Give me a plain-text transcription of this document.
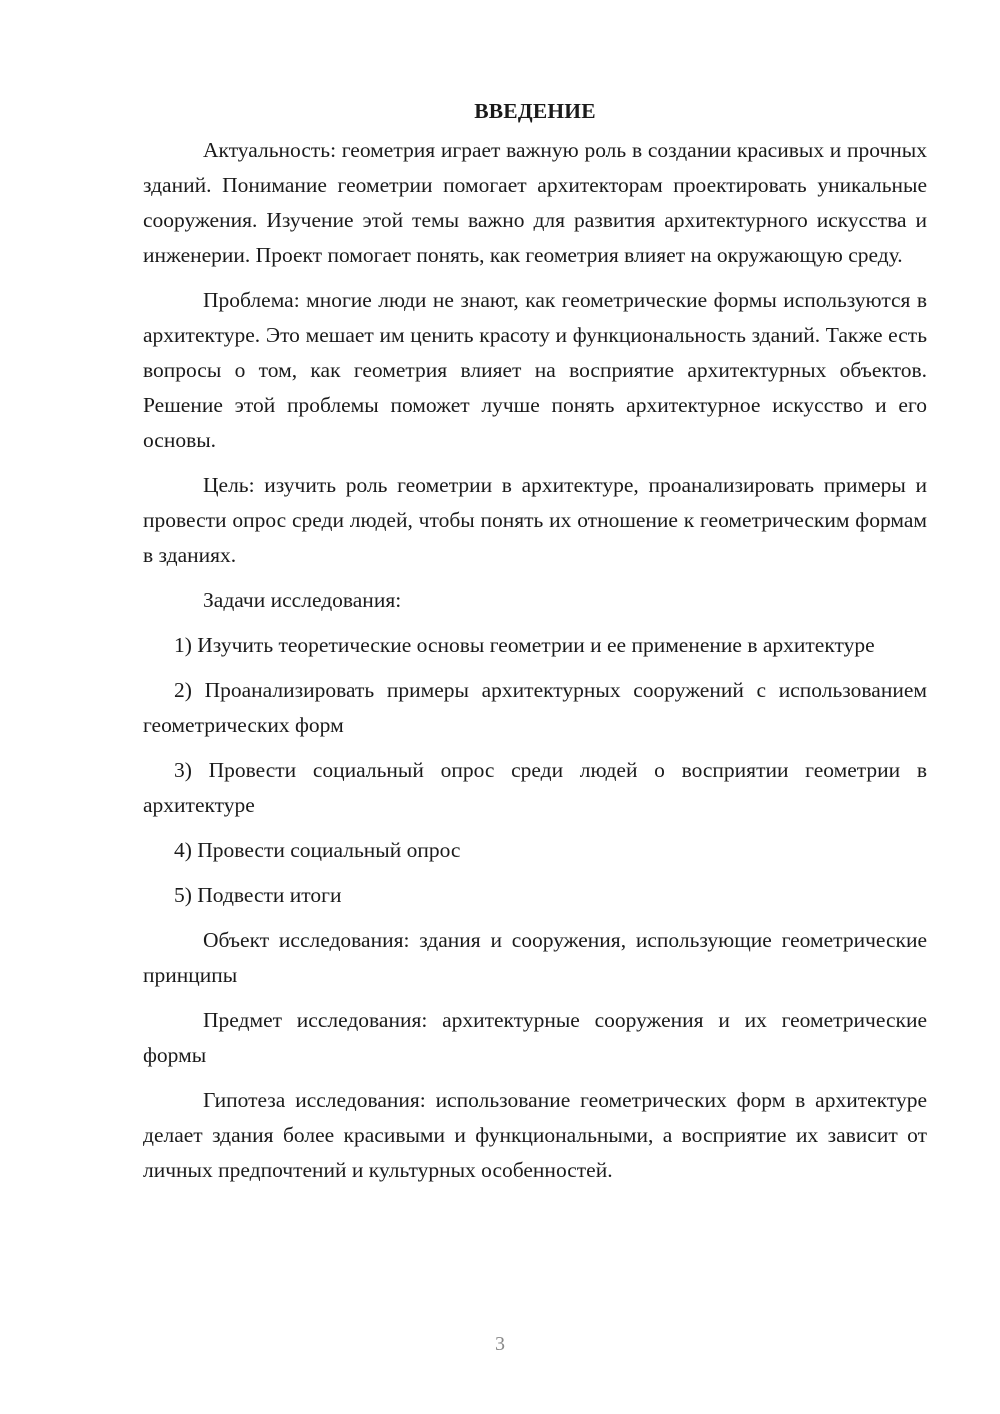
ВВЕДЕНИЕ

Актуальность: геометрия играет важную роль в создании красивых и прочных зданий. Понимание геометрии помогает архитекторам проектировать уникальные сооружения. Изучение этой темы важно для развития архитектурного искусства и инженерии. Проект помогает понять, как геометрия влияет на окружающую среду.

Проблема: многие люди не знают, как геометрические формы используются в архитектуре. Это мешает им ценить красоту и функциональность зданий. Также есть вопросы о том, как геометрия влияет на восприятие архитектурных объектов. Решение этой проблемы поможет лучше понять архитектурное искусство и его основы.

Цель: изучить роль геометрии в архитектуре, проанализировать примеры и провести опрос среди людей, чтобы понять их отношение к геометрическим формам в зданиях.

Задачи исследования:

1) Изучить теоретические основы геометрии и ее применение в архитектуре

2) Проанализировать примеры архитектурных сооружений с использованием геометрических форм

3) Провести социальный опрос среди людей о восприятии геометрии в архитектуре

4) Провести социальный опрос

5) Подвести итоги

Объект исследования: здания и сооружения, использующие геометрические принципы

Предмет исследования: архитектурные сооружения и их геометрические формы

Гипотеза исследования: использование геометрических форм в архитектуре делает здания более красивыми и функциональными, а восприятие их зависит от личных предпочтений и культурных особенностей.

3
